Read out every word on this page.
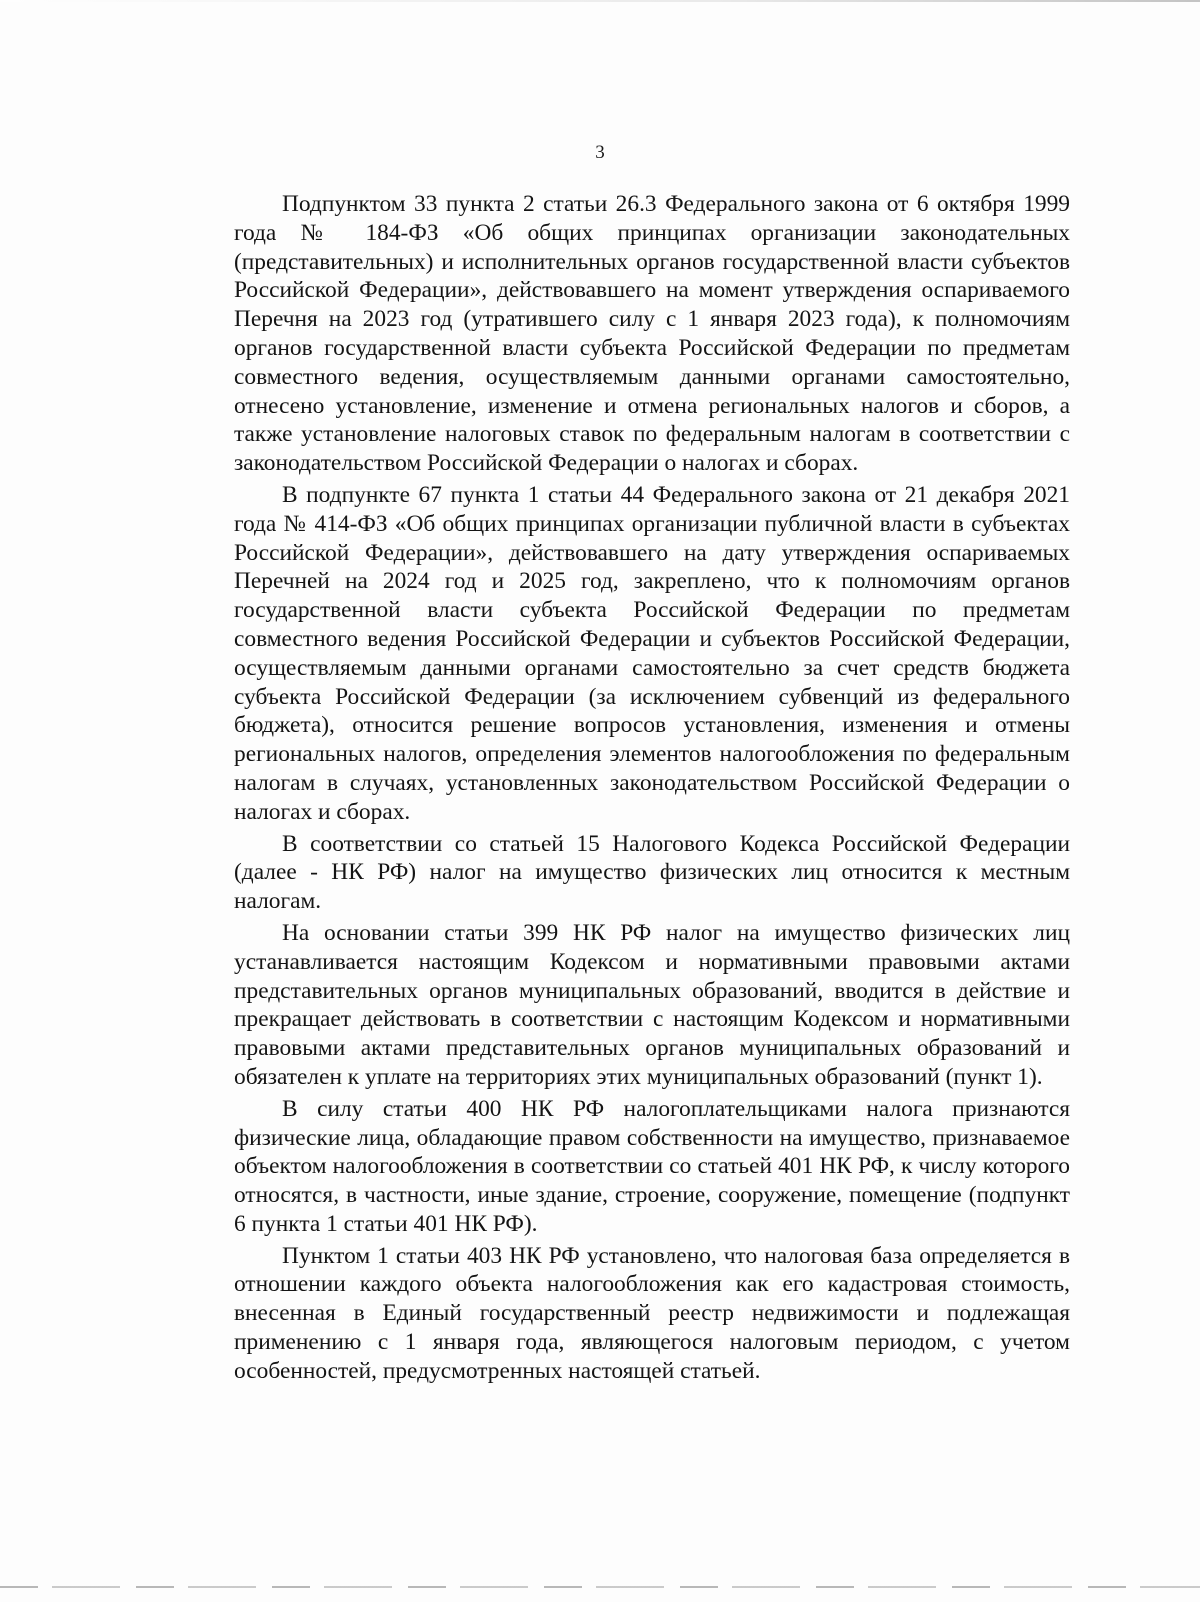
3

Подпунктом 33 пункта 2 статьи 26.3 Федерального закона от 6 октября 1999 года № 184-ФЗ «Об общих принципах организации законодательных (представительных) и исполнительных органов государственной власти субъектов Российской Федерации», действовавшего на момент утверждения оспариваемого Перечня на 2023 год (утратившего силу с 1 января 2023 года), к полномочиям органов государственной власти субъекта Российской Федерации по предметам совместного ведения, осуществляемым данными органами самостоятельно, отнесено установление, изменение и отмена региональных налогов и сборов, а также установление налоговых ставок по федеральным налогам в соответствии с законодательством Российской Федерации о налогах и сборах.

В подпункте 67 пункта 1 статьи 44 Федерального закона от 21 декабря 2021 года № 414-ФЗ «Об общих принципах организации публичной власти в субъектах Российской Федерации», действовавшего на дату утверждения оспариваемых Перечней на 2024 год и 2025 год, закреплено, что к полномочиям органов государственной власти субъекта Российской Федерации по предметам совместного ведения Российской Федерации и субъектов Российской Федерации, осуществляемым данными органами самостоятельно за счет средств бюджета субъекта Российской Федерации (за исключением субвенций из федерального бюджета), относится решение вопросов установления, изменения и отмены региональных налогов, определения элементов налогообложения по федеральным налогам в случаях, установленных законодательством Российской Федерации о налогах и сборах.

В соответствии со статьей 15 Налогового Кодекса Российской Федерации (далее - НК РФ) налог на имущество физических лиц относится к местным налогам.

На основании статьи 399 НК РФ налог на имущество физических лиц устанавливается настоящим Кодексом и нормативными правовыми актами представительных органов муниципальных образований, вводится в действие и прекращает действовать в соответствии с настоящим Кодексом и нормативными правовыми актами представительных органов муниципальных образований и обязателен к уплате на территориях этих муниципальных образований (пункт 1).

В силу статьи 400 НК РФ налогоплательщиками налога признаются физические лица, обладающие правом собственности на имущество, признаваемое объектом налогообложения в соответствии со статьей 401 НК РФ, к числу которого относятся, в частности, иные здание, строение, сооружение, помещение (подпункт 6 пункта 1 статьи 401 НК РФ).

Пунктом 1 статьи 403 НК РФ установлено, что налоговая база определяется в отношении каждого объекта налогообложения как его кадастровая стоимость, внесенная в Единый государственный реестр недвижимости и подлежащая применению с 1 января года, являющегося налоговым периодом, с учетом особенностей, предусмотренных настоящей статьей.
